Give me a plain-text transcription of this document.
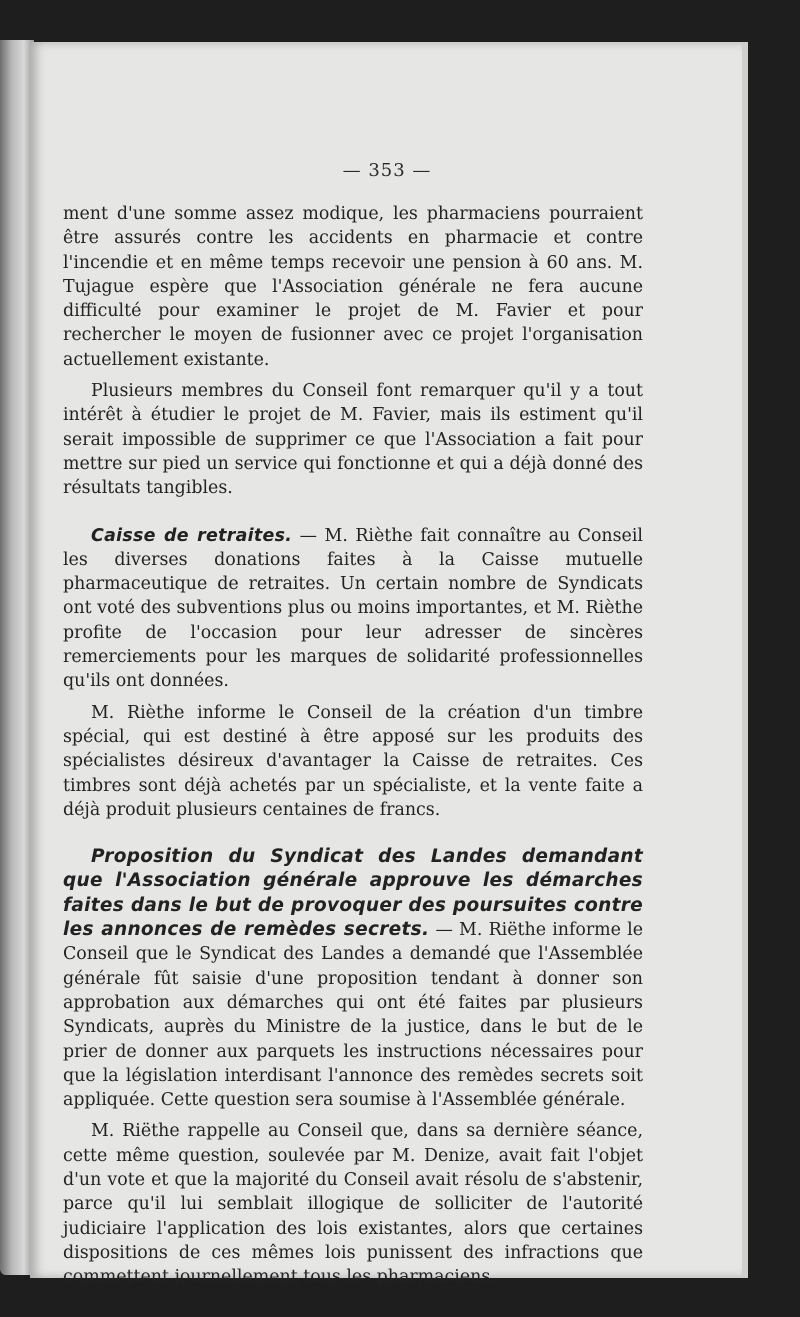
— 353 —

ment d'une somme assez modique, les pharmaciens pourraient être assurés contre les accidents en pharmacie et contre l'incendie et en même temps recevoir une pension à 60 ans. M. Tujague espère que l'Association générale ne fera aucune difficulté pour examiner le projet de M. Favier et pour rechercher le moyen de fusionner avec ce projet l'organisation actuellement existante.

Plusieurs membres du Conseil font remarquer qu'il y a tout intérêt à étudier le projet de M. Favier, mais ils estiment qu'il serait impossible de supprimer ce que l'Association a fait pour mettre sur pied un service qui fonctionne et qui a déjà donné des résultats tangibles.

Caisse de retraites. — M. Rièthe fait connaître au Conseil les diverses donations faites à la Caisse mutuelle pharmaceutique de retraites. Un certain nombre de Syndicats ont voté des subventions plus ou moins importantes, et M. Rièthe profite de l'occasion pour leur adresser de sincères remerciements pour les marques de solidarité professionnelles qu'ils ont données.

M. Rièthe informe le Conseil de la création d'un timbre spécial, qui est destiné à être apposé sur les produits des spécialistes désireux d'avantager la Caisse de retraites. Ces timbres sont déjà achetés par un spécialiste, et la vente faite a déjà produit plusieurs centaines de francs.

Proposition du Syndicat des Landes demandant que l'Association générale approuve les démarches faites dans le but de provoquer des poursuites contre les annonces de remèdes secrets. — M. Riëthe informe le Conseil que le Syndicat des Landes a demandé que l'Assemblée générale fût saisie d'une proposition tendant à donner son approbation aux démarches qui ont été faites par plusieurs Syndicats, auprès du Ministre de la justice, dans le but de le prier de donner aux parquets les instructions nécessaires pour que la législation interdisant l'annonce des remèdes secrets soit appliquée. Cette question sera soumise à l'Assemblée générale.

M. Riëthe rappelle au Conseil que, dans sa dernière séance, cette même question, soulevée par M. Denize, avait fait l'objet d'un vote et que la majorité du Conseil avait résolu de s'abstenir, parce qu'il lui semblait illogique de solliciter de l'autorité judiciaire l'application des lois existantes, alors que certaines dispositions de ces mêmes lois punissent des infractions que commettent journellement tous les pharmaciens.
